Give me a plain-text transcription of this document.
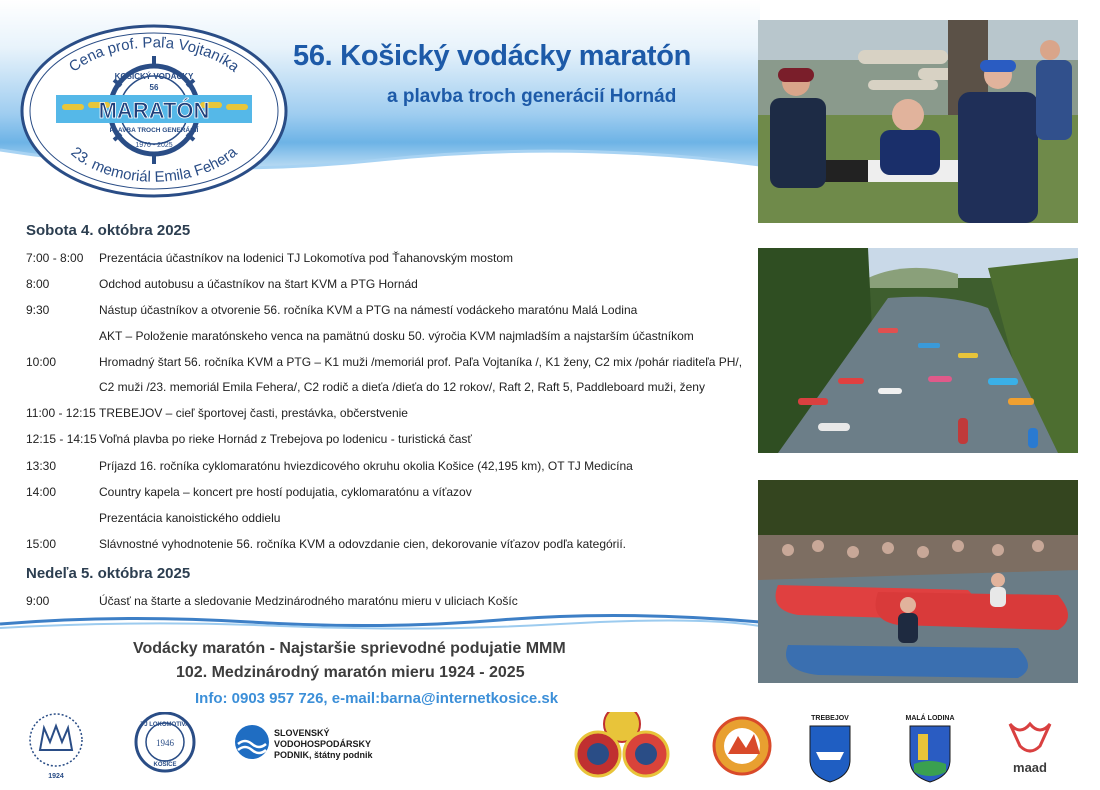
Cena prof. Paľa Vojtaníka
23. memoriál Emila Fehera
KOŠICKÝ VODÁCKY
56
MARATÓN
PLAVBA TROCH GENERÁCIÍ
1970 - 2025
56. Košický vodácky maratón
a plavba troch generácií Hornád
Sobota 4. októbra 2025
7:00 - 8:00	Prezentácia účastníkov na lodenici TJ Lokomotíva pod Ťahanovským mostom
8:00	Odchod autobusu a účastníkov na štart KVM a PTG Hornád
9:30	Nástup účastníkov a otvorenie 56. ročníka KVM a PTG na námestí vodáckeho maratónu Malá Lodina
AKT – Položenie maratónskeho venca na pamätnú dosku 50. výročia KVM najmladším a najstarším účastníkom
10:00	Hromadný štart 56. ročníka KVM a PTG – K1 muži /memoriál prof. Paľa Vojtaníka /, K1 ženy, C2 mix /pohár riaditeľa PH/,
C2 muži /23. memoriál Emila Fehera/, C2 rodič a dieťa /dieťa do 12 rokov/, Raft 2, Raft 5, Paddleboard muži, ženy
11:00 - 12:15 TREBEJOV – cieľ športovej časti, prestávka, občerstvenie
12:15 - 14:15 Voľná plavba po rieke Hornád z Trebejova po lodenicu - turistická časť
13:30	Príjazd 16. ročníka cyklomaratónu hviezdicového okruhu okolia Košice (42,195 km), OT TJ Medicína
14:00	Country kapela – koncert pre hostí podujatia, cyklomaratónu a víťazov
Prezentácia kanoistického oddielu
15:00	Slávnostné vyhodnotenie 56. ročníka KVM a odovzdanie cien, dekorovanie víťazov podľa kategórií.
Nedeľa 5. októbra 2025
9:00	Účasť na štarte a sledovanie Medzinárodného maratónu mieru v uliciach Košíc
Vodácky maratón - Najstaršie sprievodné podujatie MMM
102. Medzinárodný maratón mieru 1924 - 2025
Info: 0903 957 726, e-mail:barna@internetkosice.sk
1924
TJ LOKOMOTIVA
1946
KOŠICE
SLOVENSKÝ
VODOHOSPODÁRSKY
PODNIK, štátny podnik
TREBEJOV	MALÁ LODINA
maad
